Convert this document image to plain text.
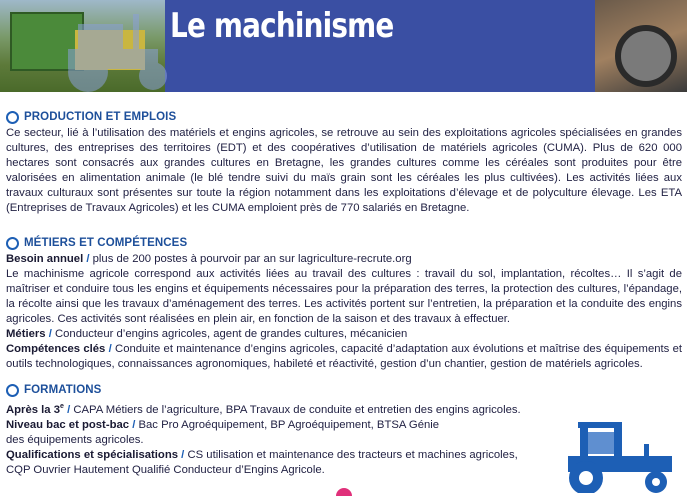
Le machinisme
PRODUCTION ET EMPLOIS

Ce secteur, lié à l’utilisation des matériels et engins agricoles, se retrouve au sein des exploitations agricoles spécialisées en grandes cultures, des entreprises des territoires (EDT) et des coopératives d’utilisation de matériels agricoles (CUMA). Plus de 620 000 hectares sont consacrés aux grandes cultures en Bretagne, les grandes cultures comme les céréales sont produites pour être valorisées en alimentation animale (le blé tendre suivi du maïs grain sont les céréales les plus cultivées). Les activités liées aux travaux culturaux sont présentes sur toute la région notamment dans les exploitations d’élevage et de polyculture élevage. Les ETA (Entreprises de Travaux Agricoles) et les CUMA emploient près de 770 salariés en Bretagne.

MÉTIERS ET COMPÉTENCES

Besoin annuel / plus de 200 postes à pourvoir par an sur lagriculture-recrute.org

Le machinisme agricole correspond aux activités liées au travail des cultures : travail du sol, implantation, récoltes… Il s’agit de maîtriser et conduire tous les engins et équipements nécessaires pour la préparation des terres, la protection des cultures, l’épandage, la récolte ainsi que les travaux d’aménagement des terres. Les activités portent sur l’entretien, la préparation et la conduite des engins agricoles. Ces activités sont réalisées en plein air, en fonction de la saison et des travaux à effectuer.

Métiers / Conducteur d’engins agricoles, agent de grandes cultures, mécanicien

Compétences clés / Conduite et maintenance d’engins agricoles, capacité d’adaptation aux évolutions et maîtrise des équipements et outils technologiques, connaissances agronomiques, habileté et réactivité, gestion d’un chantier, gestion de matériels agricoles.

FORMATIONS

Après la 3e / CAPA Métiers de l’agriculture, BPA Travaux de conduite et entretien des engins agricoles.

Niveau bac et post-bac / Bac Pro Agroéquipement, BP Agroéquipement, BTSA Génie
des équipements agricoles.

Qualifications et spécialisations / CS utilisation et maintenance des tracteurs et machines agricoles,
CQP Ouvrier Hautement Qualifié Conducteur d’Engins Agricole.
